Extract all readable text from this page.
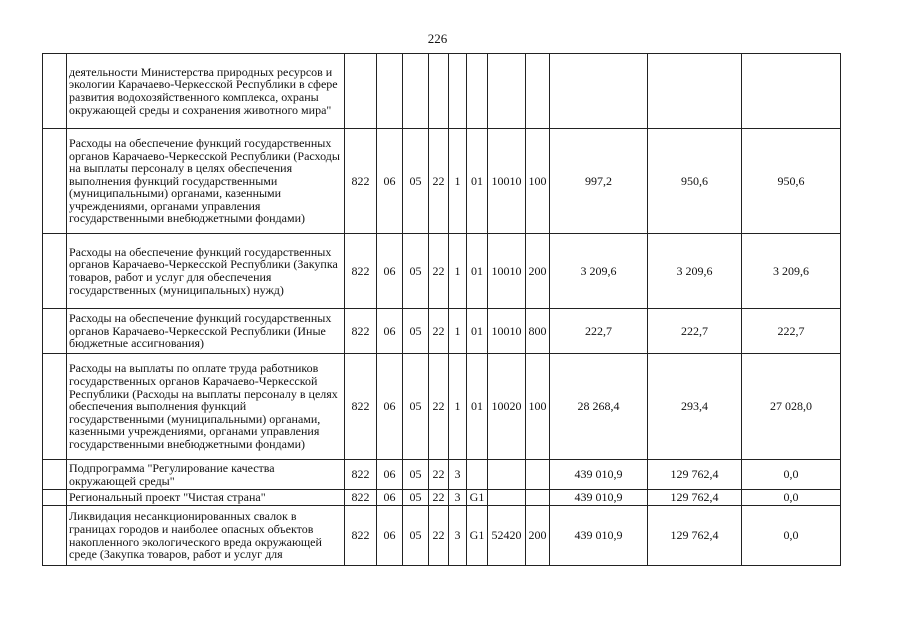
226
	деятельности Министерства природных ресурсов и экологии Карачаево-Черкесской Республики в сфере развития водохозяйственного комплекса, охраны окружающей среды и сохранения животного мира"											
	Расходы на обеспечение функций государственных органов Карачаево-Черкесской Республики (Расходы на выплаты персоналу в целях обеспечения выполнения функций государственными (муниципальными) органами, казенными учреждениями, органами управления государственными внебюджетными фондами)	822	06	05	22	1	01	10010	100	997,2	950,6	950,6
	Расходы на обеспечение функций государственных органов Карачаево-Черкесской Республики (Закупка товаров, работ и услуг для обеспечения государственных (муниципальных) нужд)	822	06	05	22	1	01	10010	200	3 209,6	3 209,6	3 209,6
	Расходы на обеспечение функций государственных органов Карачаево-Черкесской Республики (Иные бюджетные ассигнования)	822	06	05	22	1	01	10010	800	222,7	222,7	222,7
	Расходы на выплаты по оплате труда работников государственных органов Карачаево-Черкесской Республики (Расходы на выплаты персоналу в целях обеспечения выполнения функций государственными (муниципальными) органами, казенными учреждениями, органами управления государственными внебюджетными фондами)	822	06	05	22	1	01	10020	100	28 268,4	293,4	27 028,0
	Подпрограмма "Регулирование качества окружающей среды"	822	06	05	22	3				439 010,9	129 762,4	0,0
	Региональный проект "Чистая страна"	822	06	05	22	3	G1			439 010,9	129 762,4	0,0
	Ликвидация несанкционированных свалок в границах городов и наиболее опасных объектов накопленного экологического вреда окружающей среде (Закупка товаров, работ и услуг для	822	06	05	22	3	G1	52420	200	439 010,9	129 762,4	0,0
